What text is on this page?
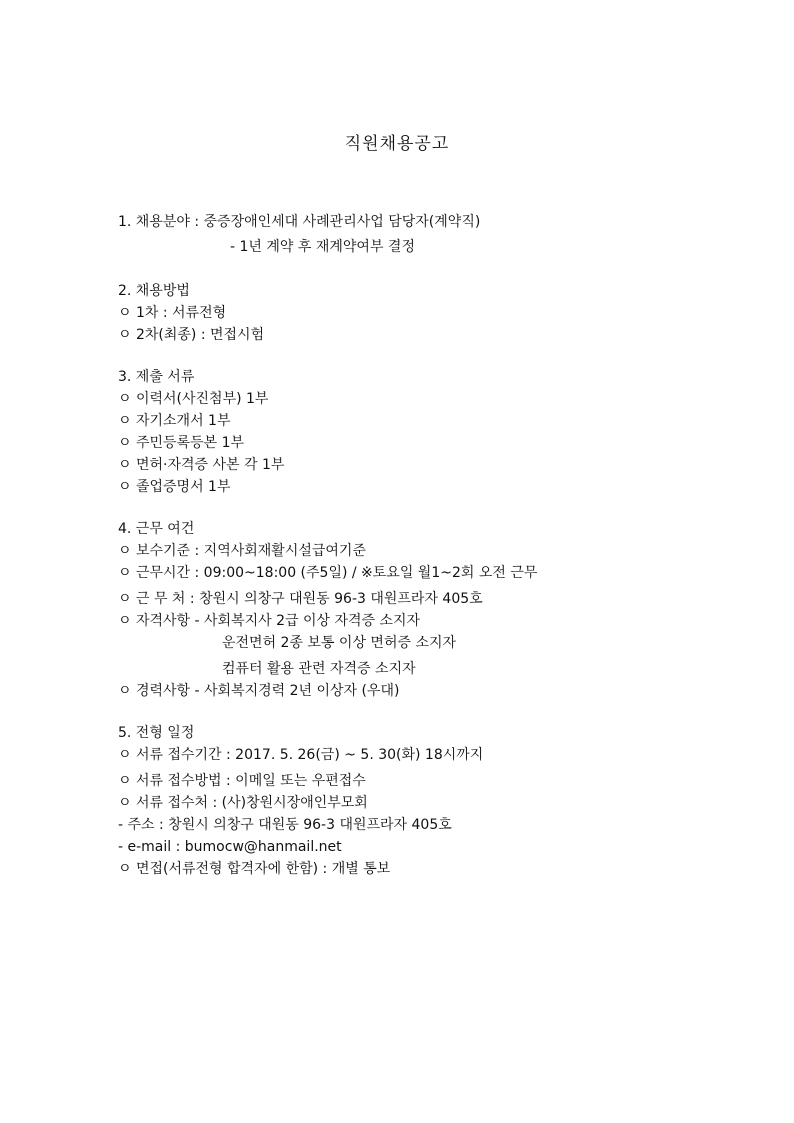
직원채용공고
1. 채용분야 : 중증장애인세대 사례관리사업 담당자(계약직)
- 1년 계약 후 재계약여부 결정
2. 채용방법
ㅇ 1차 : 서류전형
ㅇ 2차(최종) : 면접시험
3. 제출 서류
ㅇ 이력서(사진첨부) 1부
ㅇ 자기소개서 1부
ㅇ 주민등록등본 1부
ㅇ 면허·자격증 사본 각 1부
ㅇ 졸업증명서 1부
4. 근무 여건
ㅇ 보수기준 : 지역사회재활시설급여기준
ㅇ 근무시간 : 09:00~18:00 (주5일) / ※토요일 월1~2회 오전 근무
ㅇ 근 무 처 : 창원시 의창구 대원동 96-3 대원프라자 405호
ㅇ 자격사항 - 사회복지사 2급 이상 자격증 소지자
운전면허 2종 보통 이상 면허증 소지자
컴퓨터 활용 관련 자격증 소지자
ㅇ 경력사항 - 사회복지경력 2년 이상자 (우대)
5. 전형 일정
ㅇ 서류 접수기간 : 2017. 5. 26(금) ~ 5. 30(화) 18시까지
ㅇ 서류 접수방법 : 이메일 또는 우편접수
ㅇ 서류 접수처 : (사)창원시장애인부모회
- 주소 : 창원시 의창구 대원동 96-3 대원프라자 405호
- e-mail : bumocw@hanmail.net
ㅇ 면접(서류전형 합격자에 한함) : 개별 통보
